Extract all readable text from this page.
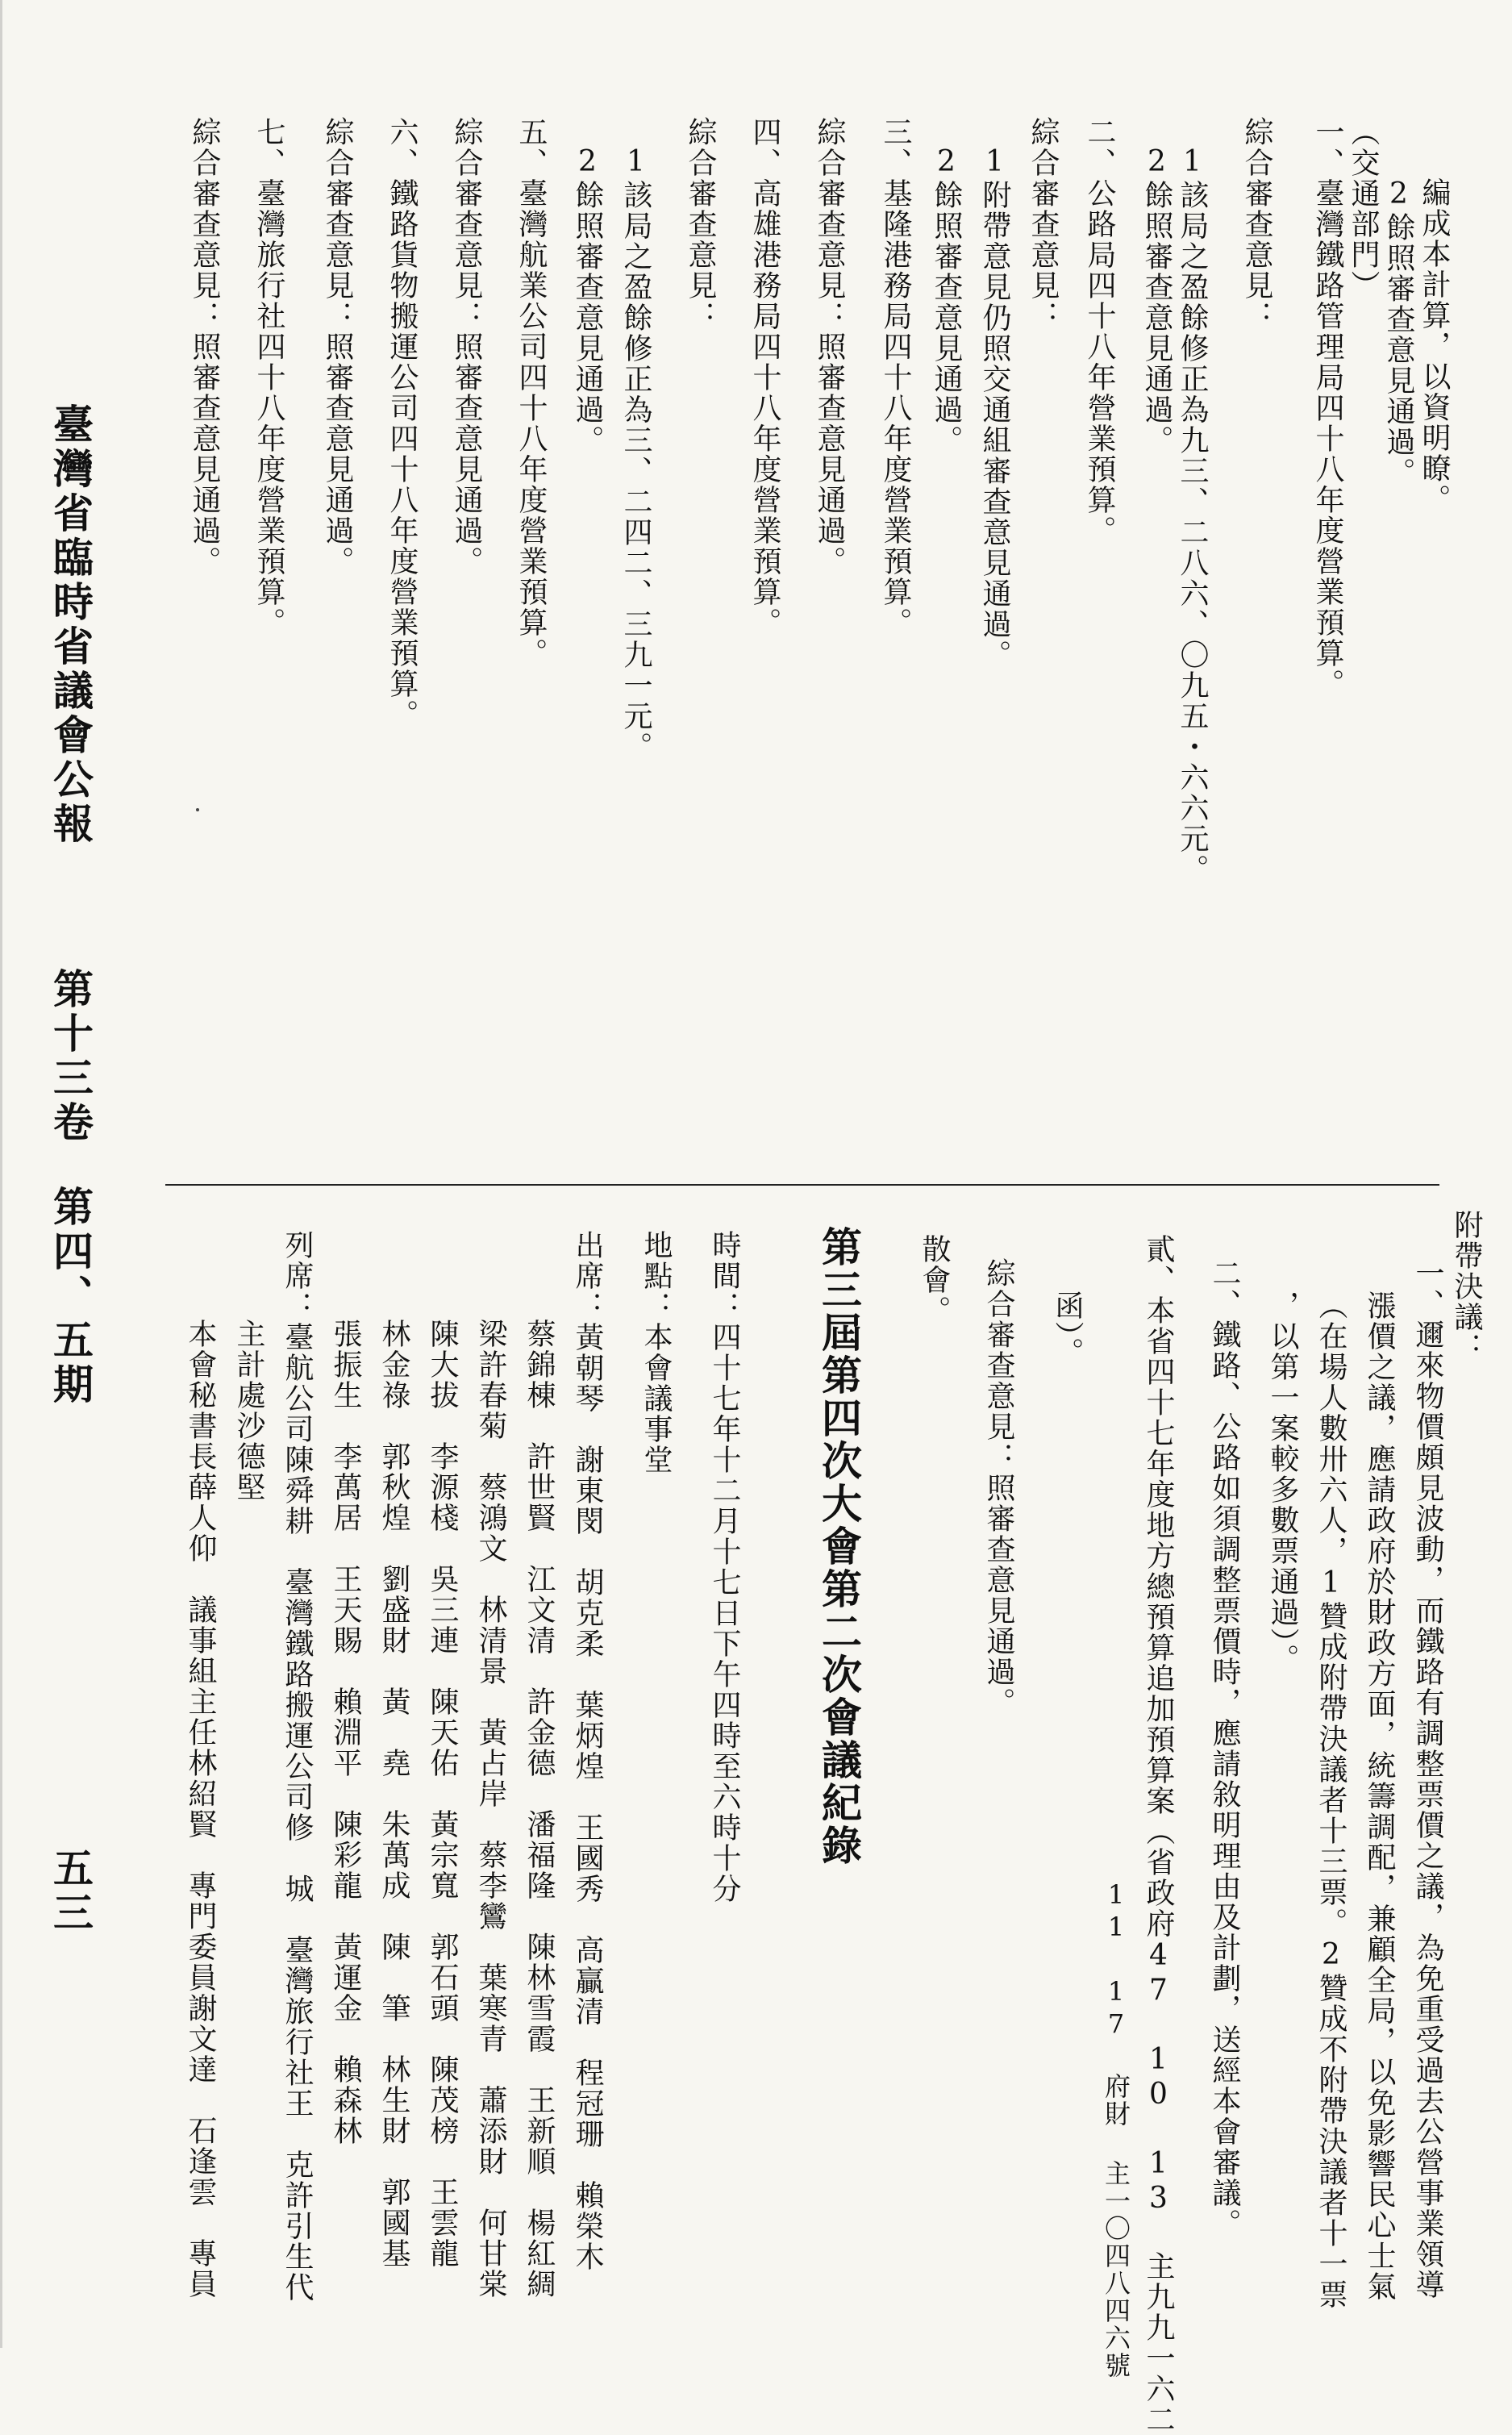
編成本計算，以資明瞭。
2餘照審查意見通過。
（交通部門）
一、臺灣鐵路管理局四十八年度營業預算。
綜合審查意見：
1該局之盈餘修正為九三、二八六、〇九五・六六元。
2餘照審查意見通過。
二、公路局四十八年營業預算。
綜合審查意見：
1附帶意見仍照交通組審查意見通過。
2餘照審查意見通過。
三、基隆港務局四十八年度營業預算。
綜合審查意見：照審查意見通過。
四、高雄港務局四十八年度營業預算。
綜合審查意見：
1該局之盈餘修正為三、二四二、三九一元。
2餘照審查意見通過。
五、臺灣航業公司四十八年度營業預算。
綜合審查意見：照審查意見通過。
六、鐵路貨物搬運公司四十八年度營業預算。
綜合審查意見：照審查意見通過。
七、臺灣旅行社四十八年度營業預算。
綜合審查意見：照審查意見通過。
臺灣省臨時省議會公報
第十三卷
第四、五期
五三
附帶決議：
一、邇來物價頗見波動，而鐵路有調整票價之議，為免重受過去公營事業領導
漲價之議，應請政府於財政方面，統籌調配，兼顧全局，以免影響民心士氣
（在場人數卅六人，1贊成附帶決議者十三票。2贊成不附帶決議者十一票
，以第一案較多數票通過）。
二、鐵路、公路如須調整票價時，應請敘明理由及計劃，送經本會審議。
貳、本省四十七年度地方總預算追加預算案（省政府47 10 13 主九九一六二
11 17 府財 主一〇四八四六號
函）。
綜合審查意見：照審查意見通過。
散會。
第三屆第四次大會第二次會議紀錄
時間：四十七年十二月十七日下午四時至六時十分
地點：本會議事堂
出席：黃朝琴　謝東閔　胡克柔　葉炳煌　王國秀　高贏清　程冠珊　賴榮木
蔡錦棟　許世賢　江文清　許金德　潘福隆　陳林雪霞　王新順　楊紅綢
梁許春菊　蔡鴻文　林清景　黃占岸　蔡李鸞　葉寒青　蕭添財　何甘棠
陳大拔　李源棧　吳三連　陳天佑　黃宗寬　郭石頭　陳茂榜　王雲龍
林金祿　郭秋煌　劉盛財　黃　堯　朱萬成　陳　筆　林生財　郭國基
張振生　李萬居　王天賜　賴淵平　陳彩龍　黃運金　賴森林
列席：臺航公司陳舜耕　臺灣鐵路搬運公司修　城　臺灣旅行社王　克許引生代
主計處沙德堅
本會秘書長薛人仰　議事組主任林紹賢　專門委員謝文達　石逢雲　專員
